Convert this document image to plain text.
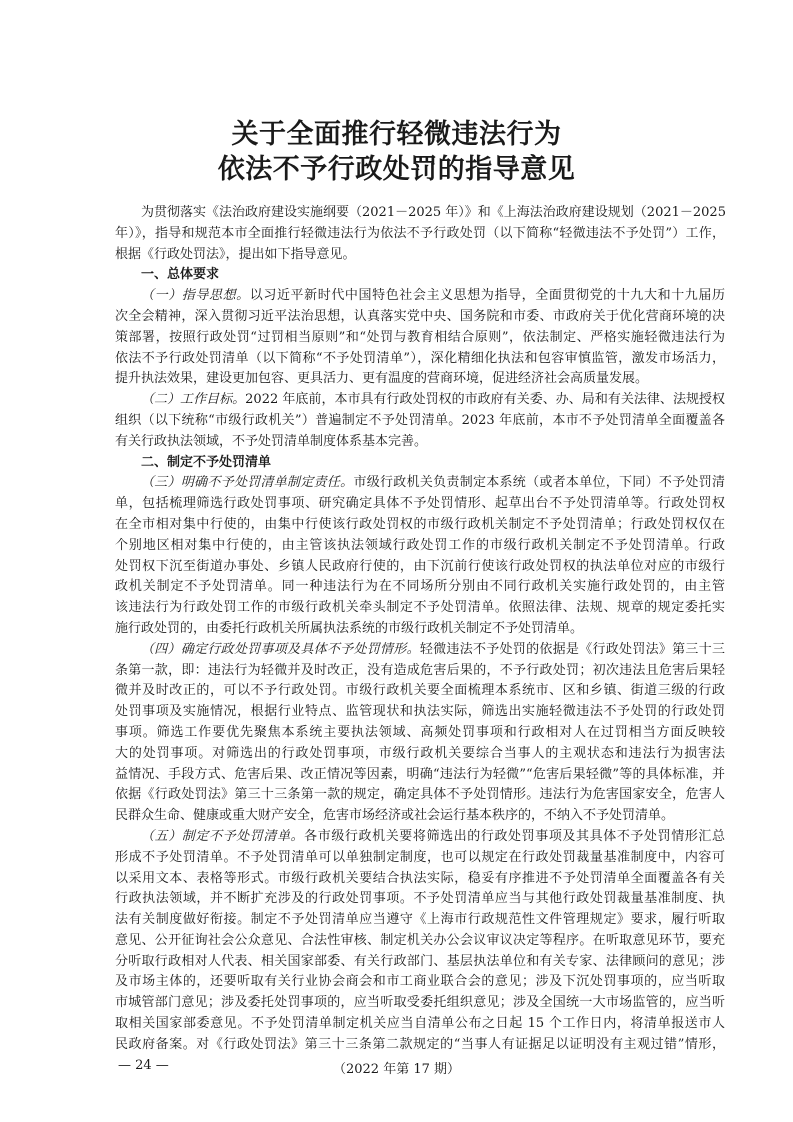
关于全面推行轻微违法行为
依法不予行政处罚的指导意见
为贯彻落实《法治政府建设实施纲要（2021－2025 年）》和《上海法治政府建设规划（2021－2025
年）》，指导和规范本市全面推行轻微违法行为依法不予行政处罚（以下简称“轻微违法不予处罚”）工作，
根据《行政处罚法》，提出如下指导意见。
一、总体要求
（一）指导思想。以习近平新时代中国特色社会主义思想为指导，全面贯彻党的十九大和十九届历
次全会精神，深入贯彻习近平法治思想，认真落实党中央、国务院和市委、市政府关于优化营商环境的决
策部署，按照行政处罚“过罚相当原则”和“处罚与教育相结合原则”，依法制定、严格实施轻微违法行为
依法不予行政处罚清单（以下简称“不予处罚清单”），深化精细化执法和包容审慎监管，激发市场活力，
提升执法效果，建设更加包容、更具活力、更有温度的营商环境，促进经济社会高质量发展。
（二）工作目标。2022 年底前，本市具有行政处罚权的市政府有关委、办、局和有关法律、法规授权
组织（以下统称“市级行政机关”）普遍制定不予处罚清单。2023 年底前，本市不予处罚清单全面覆盖各
有关行政执法领域，不予处罚清单制度体系基本完善。
二、制定不予处罚清单
（三）明确不予处罚清单制定责任。市级行政机关负责制定本系统（或者本单位，下同）不予处罚清
单，包括梳理筛选行政处罚事项、研究确定具体不予处罚情形、起草出台不予处罚清单等。行政处罚权
在全市相对集中行使的，由集中行使该行政处罚权的市级行政机关制定不予处罚清单；行政处罚权仅在
个别地区相对集中行使的，由主管该执法领域行政处罚工作的市级行政机关制定不予处罚清单。行政
处罚权下沉至街道办事处、乡镇人民政府行使的，由下沉前行使该行政处罚权的执法单位对应的市级行
政机关制定不予处罚清单。同一种违法行为在不同场所分别由不同行政机关实施行政处罚的，由主管
该违法行为行政处罚工作的市级行政机关牵头制定不予处罚清单。依照法律、法规、规章的规定委托实
施行政处罚的，由委托行政机关所属执法系统的市级行政机关制定不予处罚清单。
（四）确定行政处罚事项及具体不予处罚情形。轻微违法不予处罚的依据是《行政处罚法》第三十三
条第一款，即：违法行为轻微并及时改正，没有造成危害后果的，不予行政处罚；初次违法且危害后果轻
微并及时改正的，可以不予行政处罚。市级行政机关要全面梳理本系统市、区和乡镇、街道三级的行政
处罚事项及实施情况，根据行业特点、监管现状和执法实际，筛选出实施轻微违法不予处罚的行政处罚
事项。筛选工作要优先聚焦本系统主要执法领域、高频处罚事项和行政相对人在过罚相当方面反映较
大的处罚事项。对筛选出的行政处罚事项，市级行政机关要综合当事人的主观状态和违法行为损害法
益情况、手段方式、危害后果、改正情况等因素，明确“违法行为轻微”“危害后果轻微”等的具体标准，并
依据《行政处罚法》第三十三条第一款的规定，确定具体不予处罚情形。违法行为危害国家安全，危害人
民群众生命、健康或重大财产安全，危害市场经济或社会运行基本秩序的，不纳入不予处罚清单。
（五）制定不予处罚清单。各市级行政机关要将筛选出的行政处罚事项及其具体不予处罚情形汇总
形成不予处罚清单。不予处罚清单可以单独制定制度，也可以规定在行政处罚裁量基准制度中，内容可
以采用文本、表格等形式。市级行政机关要结合执法实际，稳妥有序推进不予处罚清单全面覆盖各有关
行政执法领域，并不断扩充涉及的行政处罚事项。不予处罚清单应当与其他行政处罚裁量基准制度、执
法有关制度做好衔接。制定不予处罚清单应当遵守《上海市行政规范性文件管理规定》要求，履行听取
意见、公开征询社会公众意见、合法性审核、制定机关办公会议审议决定等程序。在听取意见环节，要充
分听取行政相对人代表、相关国家部委、有关行政部门、基层执法单位和有关专家、法律顾问的意见；涉
及市场主体的，还要听取有关行业协会商会和市工商业联合会的意见；涉及下沉处罚事项的，应当听取
市城管部门意见；涉及委托处罚事项的，应当听取受委托组织意见；涉及全国统一大市场监管的，应当听
取相关国家部委意见。不予处罚清单制定机关应当自清单公布之日起 15 个工作日内，将清单报送市人
民政府备案。对《行政处罚法》第三十三条第二款规定的“当事人有证据足以证明没有主观过错”情形，
— 24 —	（2022 年第 17 期）
